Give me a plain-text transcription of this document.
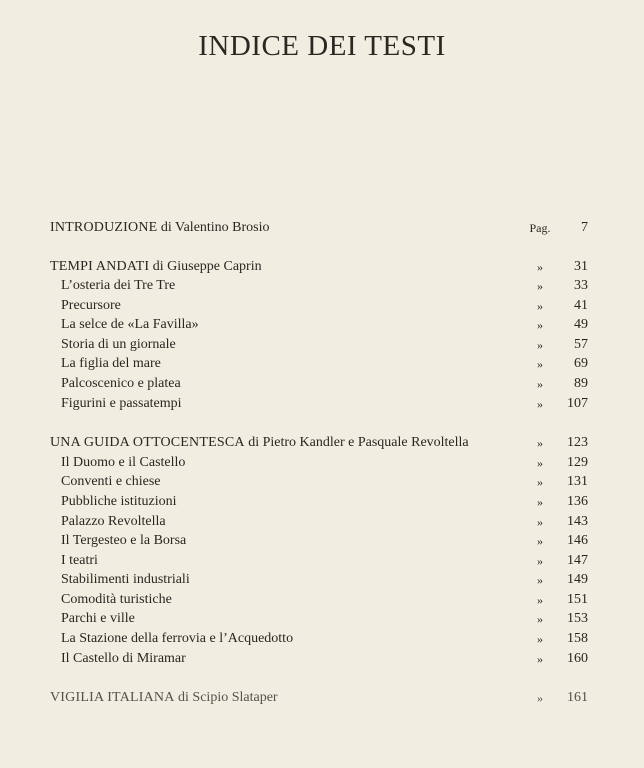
INDICE DEI TESTI
INTRODUZIONE di Valentino Brosio	Pag.	7
TEMPI ANDATI di Giuseppe Caprin	»	31
L’osteria dei Tre Tre	»	33
Precursore	»	41
La selce de «La Favilla»	»	49
Storia di un giornale	»	57
La figlia del mare	»	69
Palcoscenico e platea	»	89
Figurini e passatempi	»	107
UNA GUIDA OTTOCENTESCA di Pietro Kandler e Pasquale Revoltella	»	123
Il Duomo e il Castello	»	129
Conventi e chiese	»	131
Pubbliche istituzioni	»	136
Palazzo Revoltella	»	143
Il Tergesteo e la Borsa	»	146
I teatri	»	147
Stabilimenti industriali	»	149
Comodità turistiche	»	151
Parchi e ville	»	153
La Stazione della ferrovia e l’Acquedotto	»	158
Il Castello di Miramar	»	160
VIGILIA ITALIANA di Scipio Slataper	»	161
